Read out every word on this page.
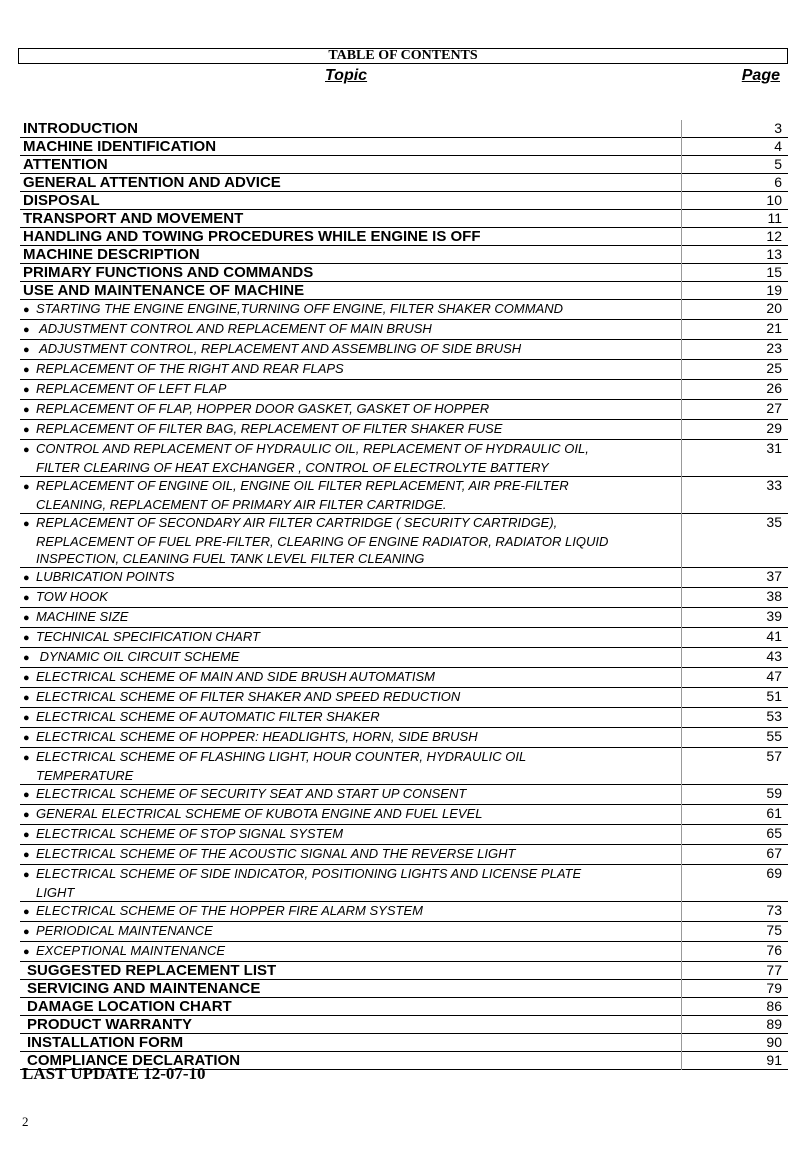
TABLE OF CONTENTS
Topic	Page
INTRODUCTION	3
MACHINE IDENTIFICATION	4
ATTENTION	5
GENERAL ATTENTION AND ADVICE	6
DISPOSAL	10
TRANSPORT AND MOVEMENT	11
HANDLING AND TOWING PROCEDURES WHILE ENGINE IS OFF	12
MACHINE DESCRIPTION	13
PRIMARY FUNCTIONS AND COMMANDS	15
USE AND MAINTENANCE OF MACHINE	19

● STARTING THE ENGINE ENGINE,TURNING OFF ENGINE, FILTER SHAKER COMMAND	20

● ADJUSTMENT CONTROL AND REPLACEMENT OF MAIN BRUSH	21

● ADJUSTMENT CONTROL, REPLACEMENT AND ASSEMBLING OF SIDE BRUSH	23

● REPLACEMENT OF THE RIGHT AND REAR FLAPS	25

● REPLACEMENT OF LEFT FLAP	26

● REPLACEMENT OF FLAP, HOPPER DOOR GASKET, GASKET OF HOPPER	27

● REPLACEMENT OF FILTER BAG, REPLACEMENT OF FILTER SHAKER FUSE	29

● CONTROL AND REPLACEMENT OF HYDRAULIC OIL, REPLACEMENT OF HYDRAULIC OIL,
FILTER CLEARING OF HEAT EXCHANGER , CONTROL OF ELECTROLYTE BATTERY	31

● REPLACEMENT OF ENGINE OIL, ENGINE OIL FILTER REPLACEMENT, AIR PRE-FILTER
CLEANING, REPLACEMENT OF PRIMARY AIR FILTER CARTRIDGE.	33

● REPLACEMENT OF SECONDARY AIR FILTER CARTRIDGE ( SECURITY CARTRIDGE),
REPLACEMENT OF FUEL PRE-FILTER, CLEARING OF ENGINE RADIATOR, RADIATOR LIQUID
INSPECTION, CLEANING FUEL TANK LEVEL FILTER CLEANING	35

● LUBRICATION POINTS	37

● TOW HOOK	38

● MACHINE SIZE	39

● TECHNICAL SPECIFICATION CHART	41

● DYNAMIC OIL CIRCUIT SCHEME	43

● ELECTRICAL SCHEME OF MAIN AND SIDE BRUSH AUTOMATISM	47

● ELECTRICAL SCHEME OF FILTER SHAKER AND SPEED REDUCTION	51

● ELECTRICAL SCHEME OF AUTOMATIC FILTER SHAKER	53

● ELECTRICAL SCHEME OF HOPPER: HEADLIGHTS, HORN, SIDE BRUSH	55

● ELECTRICAL SCHEME OF FLASHING LIGHT, HOUR COUNTER, HYDRAULIC OIL
TEMPERATURE	57

● ELECTRICAL SCHEME OF SECURITY SEAT AND START UP CONSENT	59

● GENERAL ELECTRICAL SCHEME OF KUBOTA ENGINE AND FUEL LEVEL	61

● ELECTRICAL SCHEME OF STOP SIGNAL SYSTEM	65

● ELECTRICAL SCHEME OF THE ACOUSTIC SIGNAL AND THE REVERSE LIGHT	67

● ELECTRICAL SCHEME OF SIDE INDICATOR, POSITIONING LIGHTS AND LICENSE PLATE
LIGHT	69

● ELECTRICAL SCHEME OF THE HOPPER FIRE ALARM SYSTEM	73

● PERIODICAL MAINTENANCE	75

● EXCEPTIONAL MAINTENANCE	76
SUGGESTED REPLACEMENT LIST	77
SERVICING AND MAINTENANCE	79
DAMAGE LOCATION CHART	86
PRODUCT WARRANTY	89
INSTALLATION FORM	90
COMPLIANCE DECLARATION	91
LAST UPDATE 12-07-10
2
